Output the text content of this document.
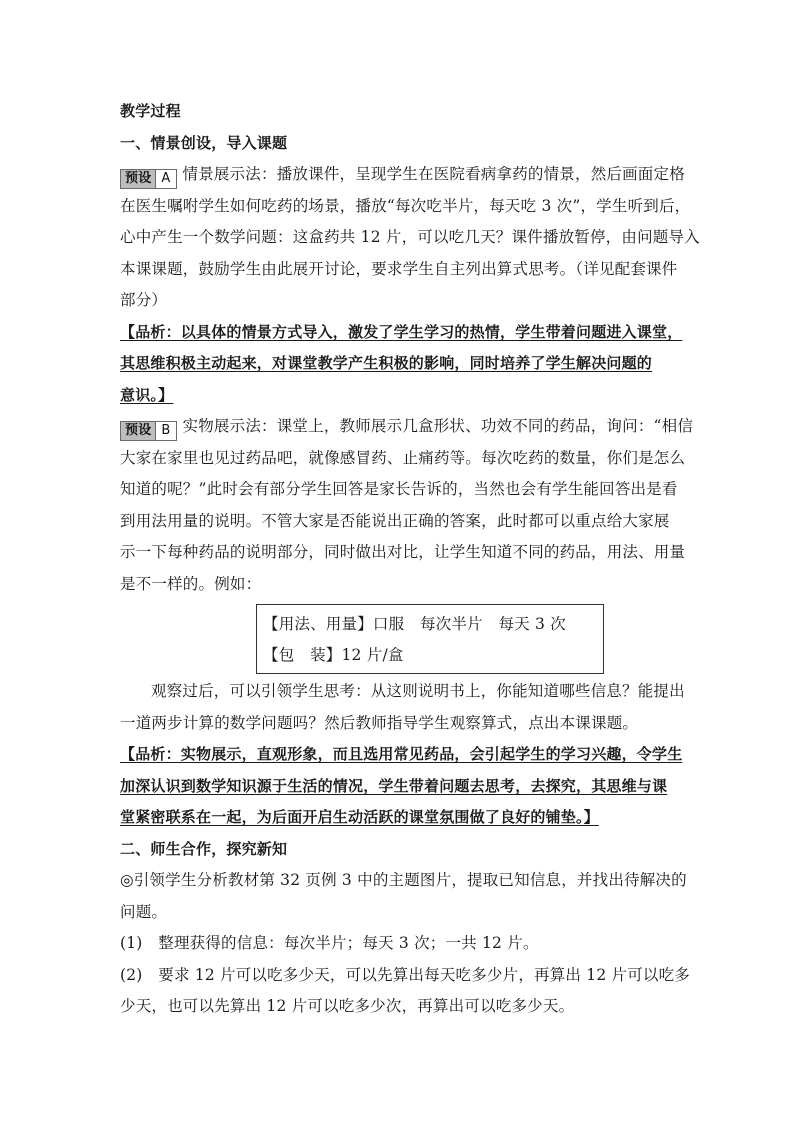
教学过程
一、情景创设，导入课题
预设 A 情景展示法：播放课件，呈现学生在医院看病拿药的情景，然后画面定格
在医生嘱咐学生如何吃药的场景，播放“每次吃半片，每天吃 3 次”，学生听到后，
心中产生一个数学问题：这盒药共 12 片，可以吃几天？课件播放暂停，由问题导入
本课课题，鼓励学生由此展开讨论，要求学生自主列出算式思考。（详见配套课件
部分）
【品析：以具体的情景方式导入，激发了学生学习的热情，学生带着问题进入课堂，
其思维积极主动起来，对课堂教学产生积极的影响，同时培养了学生解决问题的
意识。】
预设 B 实物展示法：课堂上，教师展示几盒形状、功效不同的药品，询问：“相信
大家在家里也见过药品吧，就像感冒药、止痛药等。每次吃药的数量，你们是怎么
知道的呢？”此时会有部分学生回答是家长告诉的，当然也会有学生能回答出是看
到用法用量的说明。不管大家是否能说出正确的答案，此时都可以重点给大家展
示一下每种药品的说明部分，同时做出对比，让学生知道不同的药品，用法、用量
是不一样的。例如：
【用法、用量】口服　每次半片　每天 3 次
【包　装】12 片/盒
观察过后，可以引领学生思考：从这则说明书上，你能知道哪些信息？能提出
一道两步计算的数学问题吗？然后教师指导学生观察算式，点出本课课题。
【品析：实物展示，直观形象，而且选用常见药品，会引起学生的学习兴趣，令学生
加深认识到数学知识源于生活的情况，学生带着问题去思考，去探究，其思维与课
堂紧密联系在一起，为后面开启生动活跃的课堂氛围做了良好的铺垫。】
二、师生合作，探究新知
◎引领学生分析教材第 32 页例 3 中的主题图片，提取已知信息，并找出待解决的
问题。
(1)　整理获得的信息：每次半片；每天 3 次；一共 12 片。
(2)　要求 12 片可以吃多少天，可以先算出每天吃多少片，再算出 12 片可以吃多
少天，也可以先算出 12 片可以吃多少次，再算出可以吃多少天。
